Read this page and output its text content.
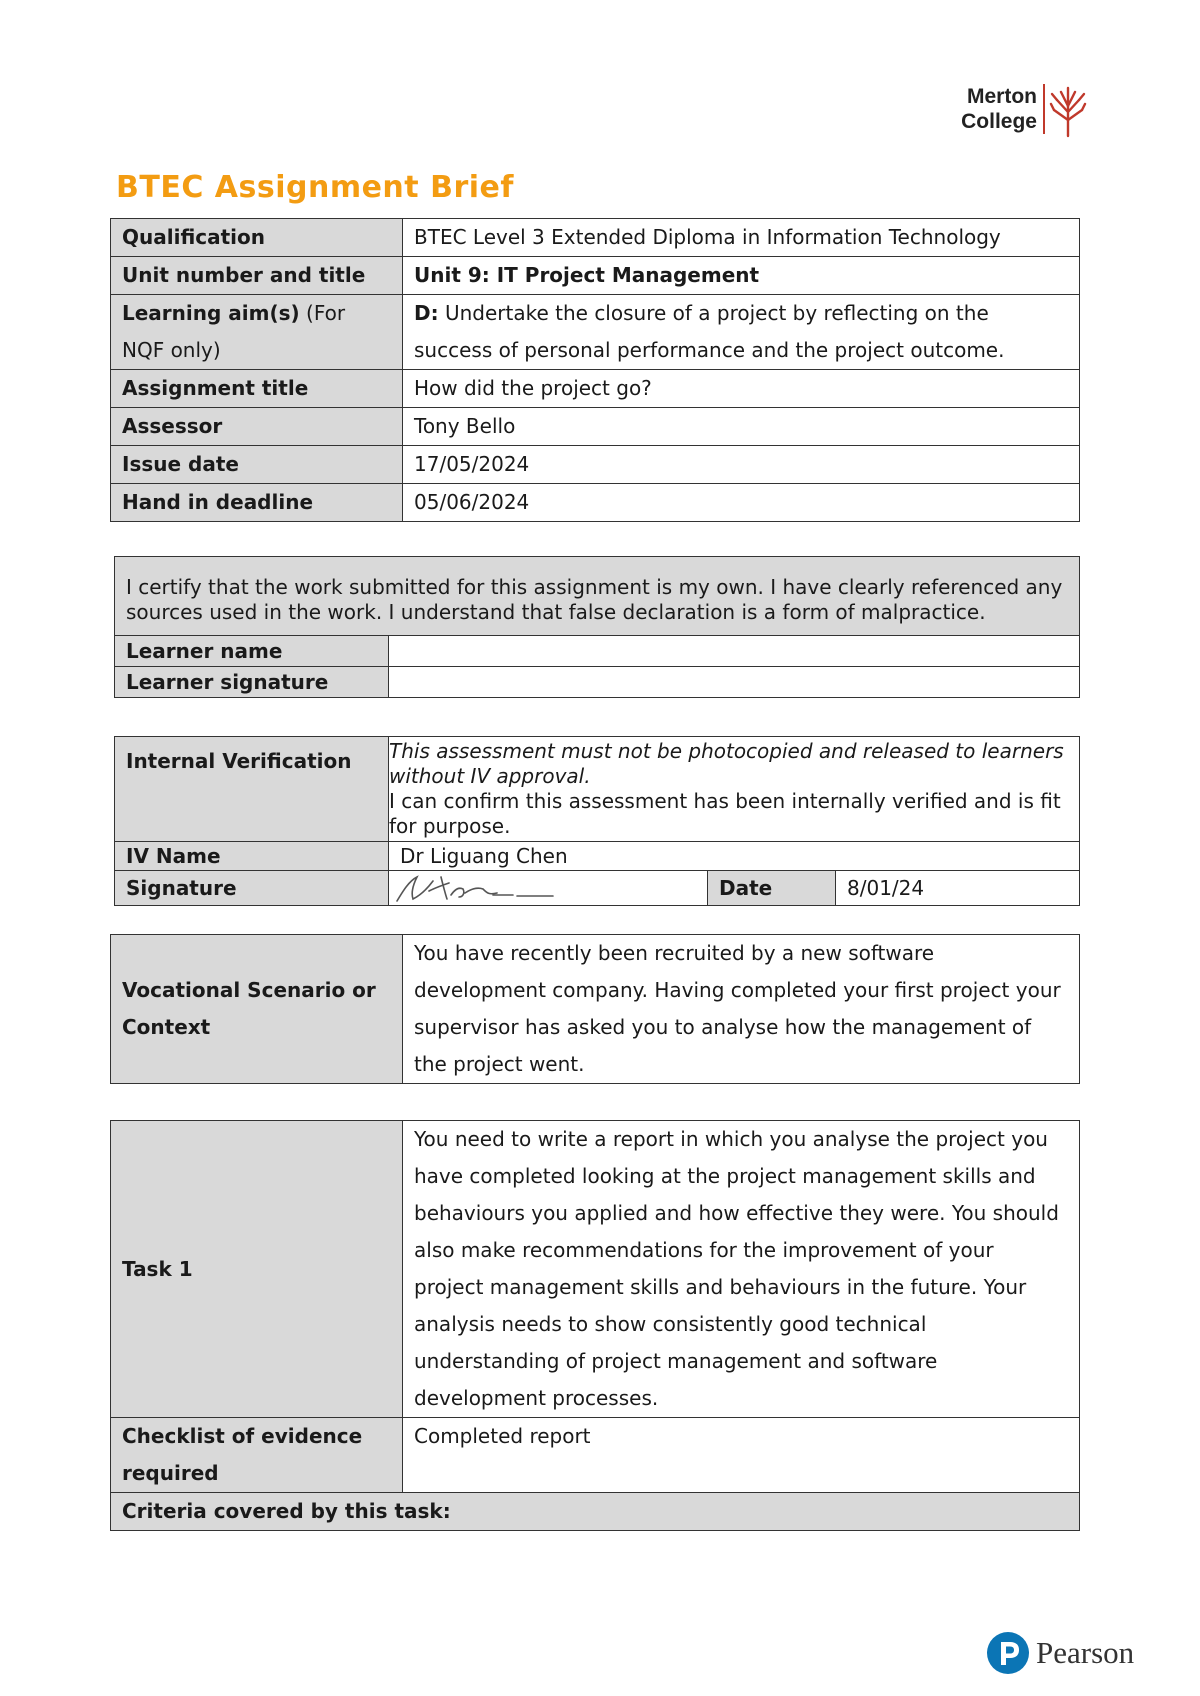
Merton
College
BTEC Assignment Brief
Qualification	BTEC Level 3 Extended Diploma in Information Technology
Unit number and title	Unit 9: IT Project Management
Learning aim(s) (For NQF only)	D: Undertake the closure of a project by reflecting on the success of personal performance and the project outcome.
Assignment title	How did the project go?
Assessor	Tony Bello
Issue date	17/05/2024
Hand in deadline	05/06/2024
I certify that the work submitted for this assignment is my own. I have clearly referenced any sources used in the work. I understand that false declaration is a form of malpractice.	
Learner name	
Learner signature	
Internal Verification	This assessment must not be photocopied and released to learners without IV approval.
I can confirm this assessment has been internally verified and is fit for purpose.		

IV Name	Dr Liguang Chen		
Signature		Date	8/01/24
Vocational Scenario or Context	You have recently been recruited by a new software development company. Having completed your first project your supervisor has asked you to analyse how the management of the project went.
Task 1	You need to write a report in which you analyse the project you have completed looking at the project management skills and behaviours you applied and how effective they were. You should also make recommendations for the improvement of your project management skills and behaviours in the future. Your analysis needs to show consistently good technical understanding of project management and software development processes.
Checklist of evidence required	Completed report
Criteria covered by this task:	
Pearson
